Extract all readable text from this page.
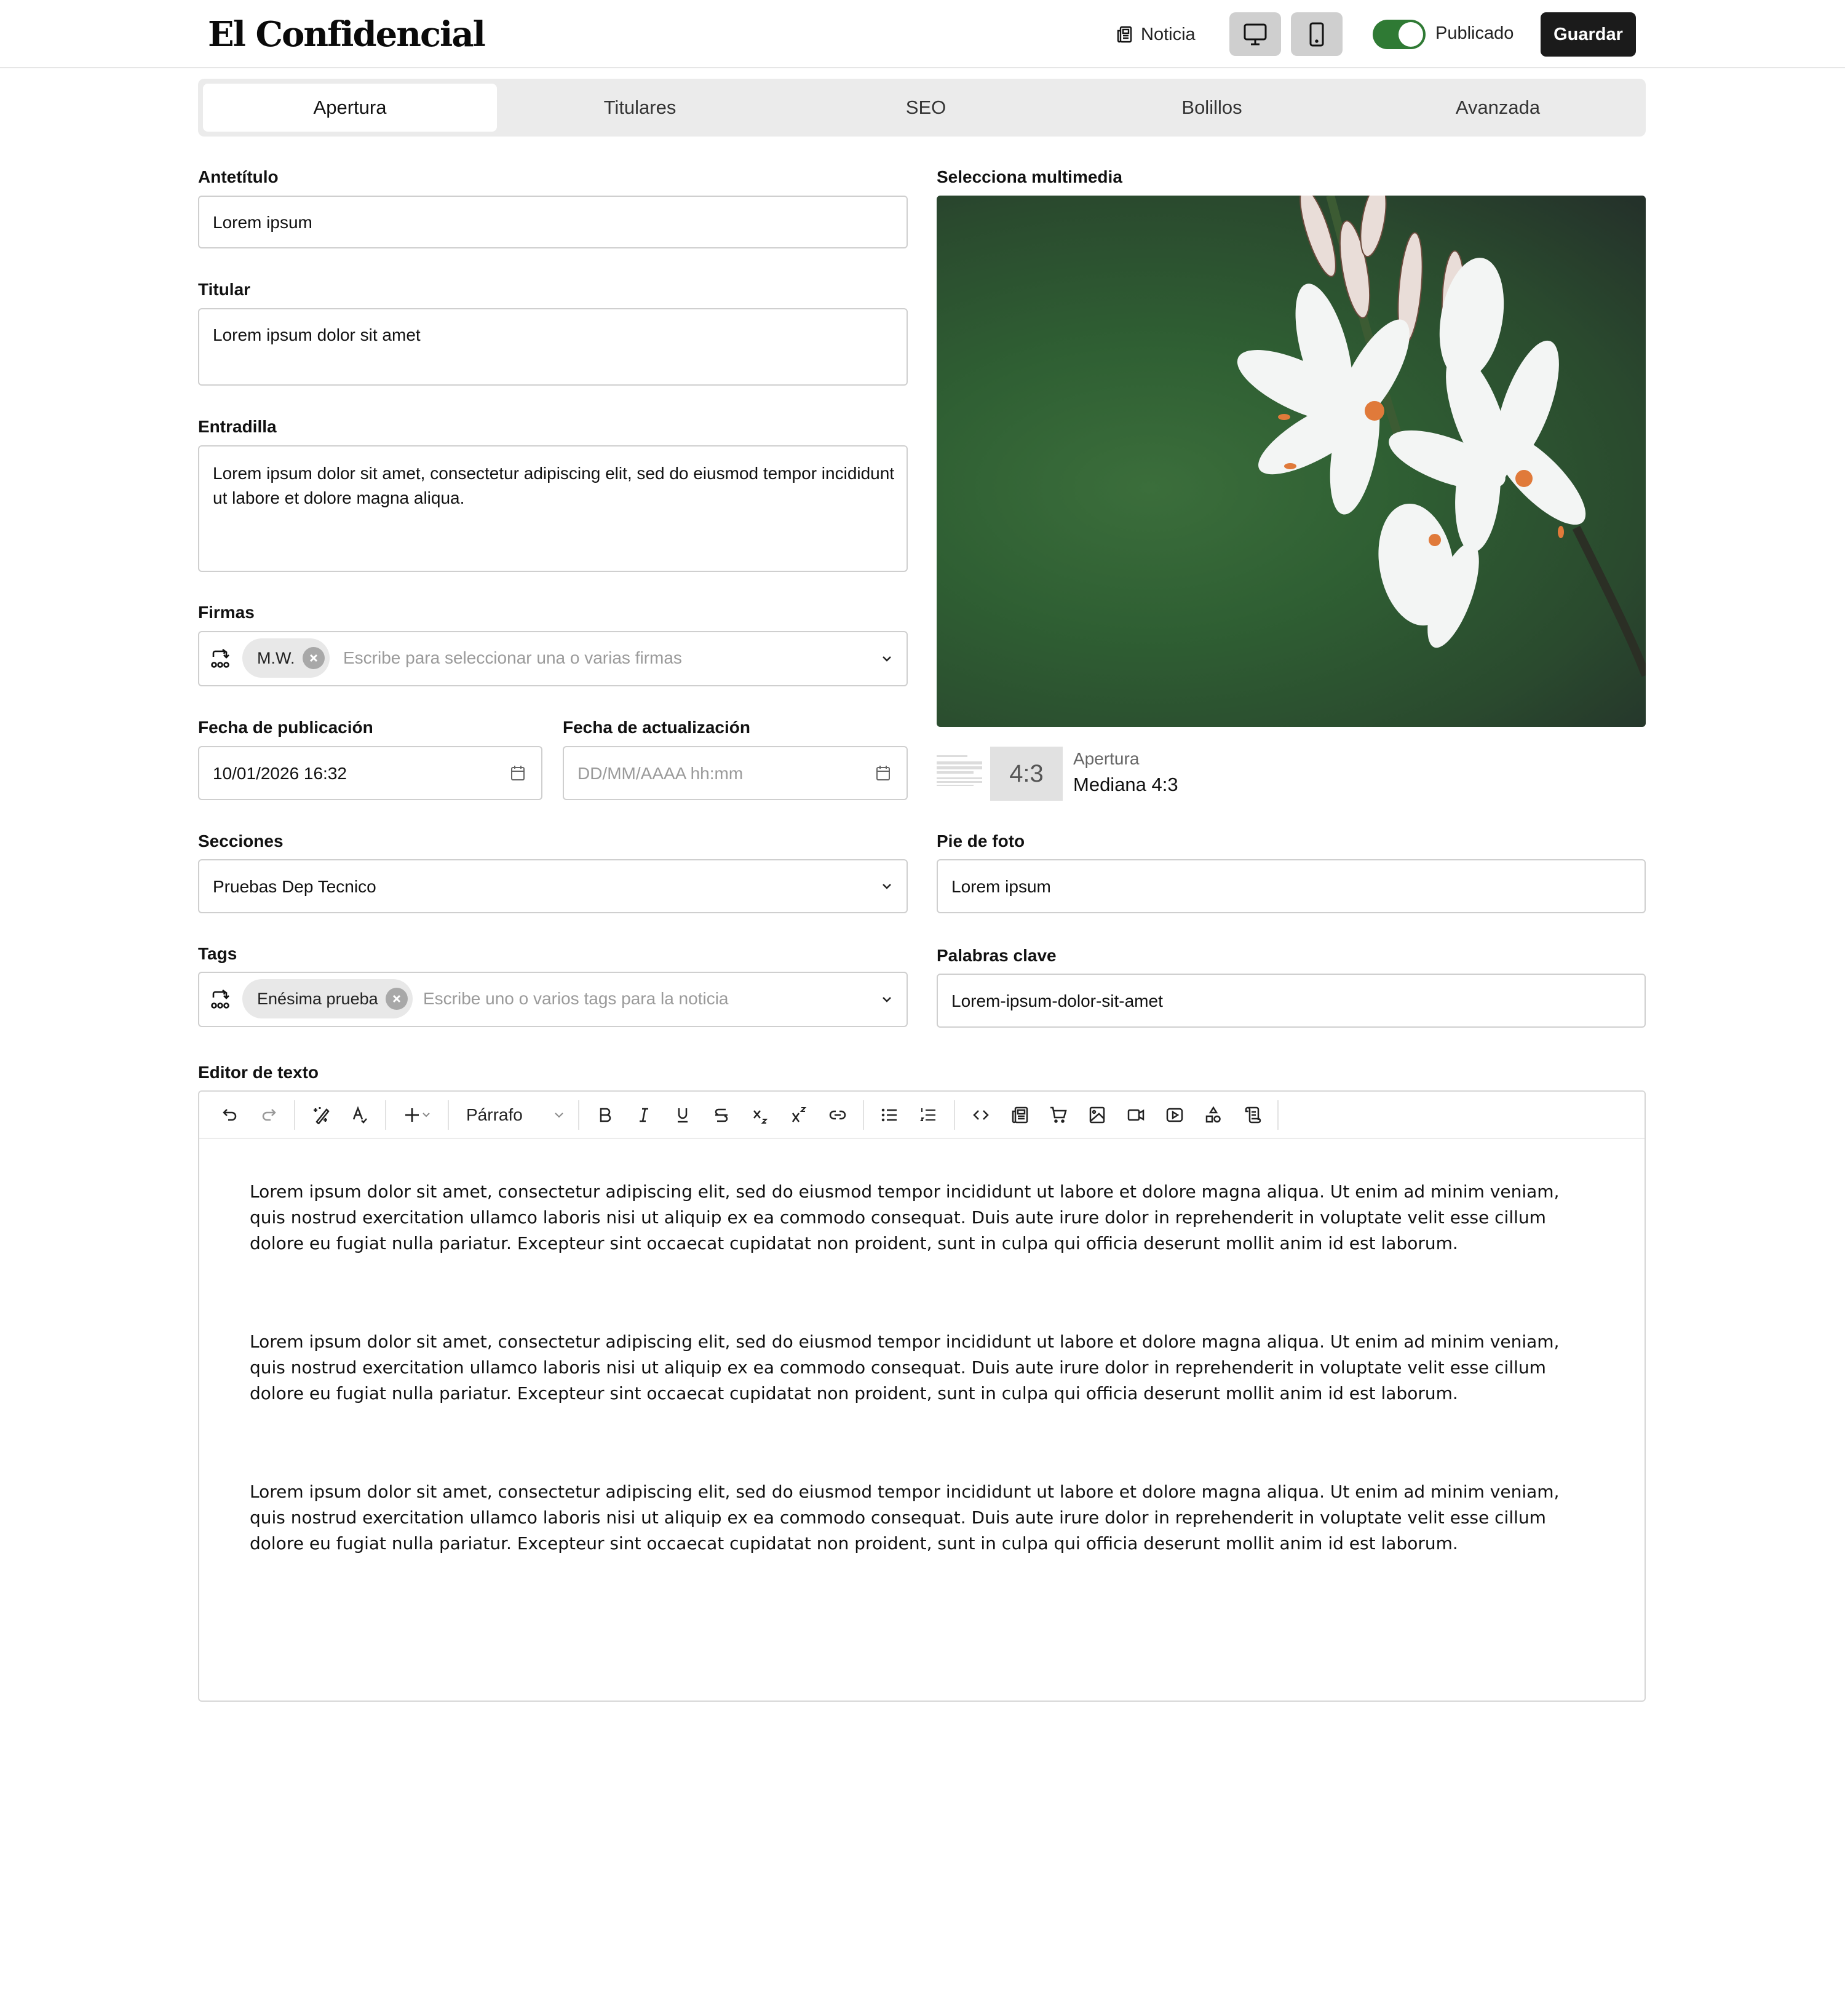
El Confidencial	Noticia	Publicado	Guardar
Apertura	Titulares	SEO	Bolillos	Avanzada
Antetítulo
Lorem ipsum
Titular
Lorem ipsum dolor sit amet
Entradilla
Lorem ipsum dolor sit amet, consectetur adipiscing elit, sed do eiusmod tempor incididunt
ut labore et dolore magna aliqua.
Firmas
M.W.	Escribe para seleccionar una o varias firmas
Fecha de publicación
10/01/2026 16:32
Fecha de actualización
DD/MM/AAAA hh:mm
Secciones
Pruebas Dep Tecnico
Tags
Enésima prueba	Escribe uno o varios tags para la noticia
Selecciona multimedia
4:3
Apertura
Mediana 4:3
Pie de foto
Lorem ipsum
Palabras clave
Lorem-ipsum-dolor-sit-amet
Editor de texto
Párrafo

Lorem ipsum dolor sit amet, consectetur adipiscing elit, sed do eiusmod tempor incididunt ut labore et dolore magna aliqua. Ut enim ad minim veniam, quis nostrud exercitation ullamco laboris nisi ut aliquip ex ea commodo consequat. Duis aute irure dolor in reprehenderit in voluptate velit esse cillum dolore eu fugiat nulla pariatur. Excepteur sint occaecat cupidatat non proident, sunt in culpa qui officia deserunt mollit anim id est laborum.

Lorem ipsum dolor sit amet, consectetur adipiscing elit, sed do eiusmod tempor incididunt ut labore et dolore magna aliqua. Ut enim ad minim veniam, quis nostrud exercitation ullamco laboris nisi ut aliquip ex ea commodo consequat. Duis aute irure dolor in reprehenderit in voluptate velit esse cillum dolore eu fugiat nulla pariatur. Excepteur sint occaecat cupidatat non proident, sunt in culpa qui officia deserunt mollit anim id est laborum.

Lorem ipsum dolor sit amet, consectetur adipiscing elit, sed do eiusmod tempor incididunt ut labore et dolore magna aliqua. Ut enim ad minim veniam, quis nostrud exercitation ullamco laboris nisi ut aliquip ex ea commodo consequat. Duis aute irure dolor in reprehenderit in voluptate velit esse cillum dolore eu fugiat nulla pariatur. Excepteur sint occaecat cupidatat non proident, sunt in culpa qui officia deserunt mollit anim id est laborum.
